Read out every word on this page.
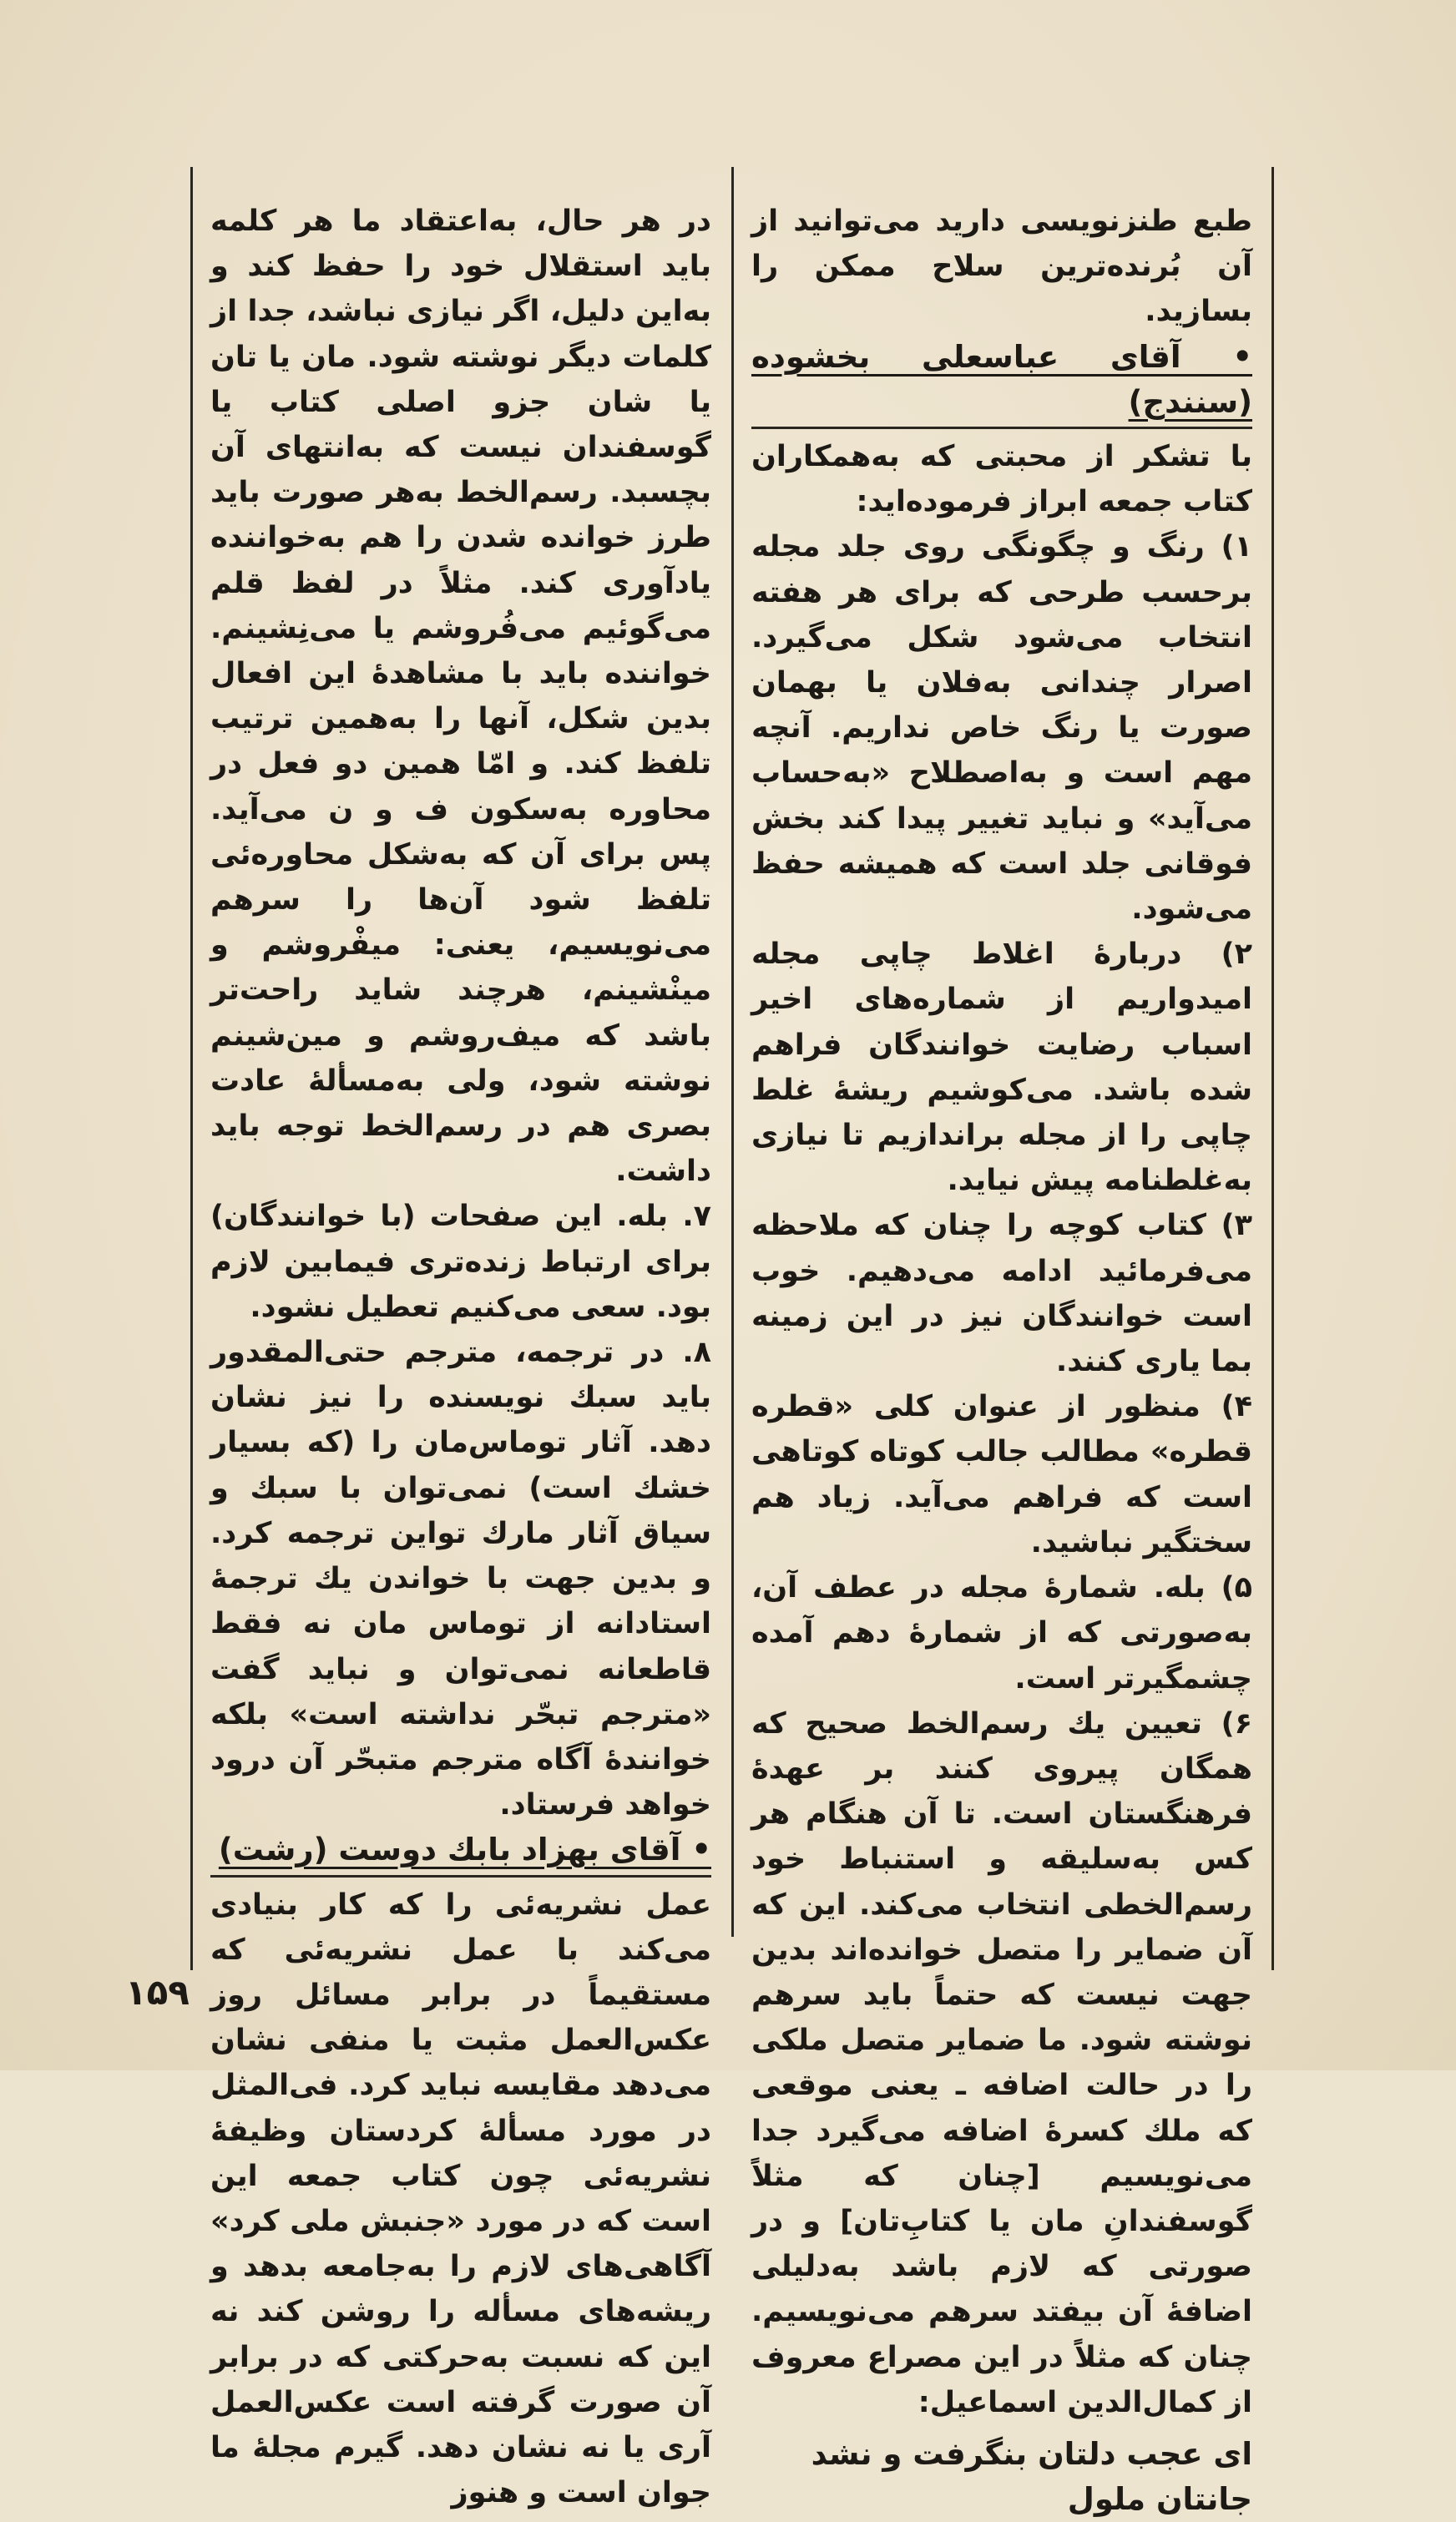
طبع طنزنویسی دارید می‌توانید از آن بُرنده‌ترین سلاح ممکن را بسازید.

• آقای عباسعلی بخشوده (سنندج)

با تشکر از محبتی که به‌همکاران کتاب جمعه ابراز فرموده‌اید:

۱) رنگ و چگونگی روی جلد مجله برحسب طرحی که برای هر هفته انتخاب می‌شود شکل می‌گیرد. اصرار چندانی به‌فلان یا بهمان صورت یا رنگ خاص نداریم. آنچه مهم است و به‌اصطلاح «به‌حساب می‌آید» و نباید تغییر پیدا کند بخش فوقانی جلد است که همیشه حفظ می‌شود.

۲) دربارهٔ اغلاط چاپی مجله امیدواریم از شماره‌های اخیر اسباب رضایت خوانندگان فراهم شده باشد. می‌کوشیم ریشهٔ غلط چاپی را از مجله براندازیم تا نیازی به‌غلطنامه پیش نیاید.

۳) کتاب کوچه را چنان که ملاحظه می‌فرمائید ادامه می‌دهیم. خوب است خوانندگان نیز در این زمینه بما یاری کنند.

۴) منظور از عنوان کلی «قطره قطره» مطالب جالب کوتاه کوتاهی است که فراهم می‌آید. زیاد هم سختگیر نباشید.

۵) بله. شمارهٔ مجله در عطف آن، به‌صورتی که از شمارهٔ دهم آمده چشمگیرتر است.

۶) تعیین یك رسم‌الخط صحیح که همگان پیروی کنند بر عهدهٔ فرهنگستان است. تا آن هنگام هر کس به‌سلیقه و استنباط خود رسم‌الخطی انتخاب می‌کند. این که آن ضمایر را متصل خوانده‌اند بدین جهت نیست که حتماً باید سرهم نوشته شود. ما ضمایر متصل ملکی را در حالت اضافه ـ یعنی موقعی که ملك کسرهٔ اضافه می‌گیرد جدا می‌نویسیم [چنان که مثلاً گوسفندانِ مان یا کتابِ‌تان] و در صورتی که لازم باشد به‌دلیلی اضافهٔ آن بیفتد سرهم می‌نویسیم. چنان که مثلاً در این مصراع معروف از کمال‌الدین اسماعیل:

ای عجب دلتان بنگرفت و نشد

جانتان ملول

در هر حال، به‌اعتقاد ما هر کلمه باید استقلال خود را حفظ کند و به‌این دلیل، اگر نیازی نباشد، جدا از کلمات دیگر نوشته شود. مان یا تان یا شان جزو اصلی کتاب یا گوسفندان نیست که به‌انتهای آن بچسبد. رسم‌الخط به‌هر صورت باید طرز خوانده شدن را هم به‌خواننده یادآوری کند. مثلاً در لفظ قلم می‌گوئیم می‌فُروشم یا می‌نِشینم. خواننده باید با مشاهدهٔ این افعال بدین شکل، آنها را به‌همین ترتیب تلفظ کند. و امّا همین دو فعل در محاوره به‌سکون ف و ن می‌آید. پس برای آن که به‌شکل محاوره‌ئی تلفظ شود آن‌ها را سرهم می‌نویسیم، یعنی: میفْروشم و مینْشینم، هرچند شاید راحت‌تر باشد که میف‌روشم و مین‌شینم نوشته شود، ولی به‌مسألهٔ عادت بصری هم در رسم‌الخط توجه باید داشت.

۷. بله. این صفحات (با خوانندگان) برای ارتباط زنده‌تری فیمابین لازم بود. سعی می‌کنیم تعطیل نشود.

۸. در ترجمه، مترجم حتی‌المقدور باید سبك نویسنده را نیز نشان دهد. آثار توماس‌مان را (که بسیار خشك است) نمی‌توان با سبك و سیاق آثار مارك تواین ترجمه کرد. و بدین جهت با خواندن یك ترجمهٔ استادانه از توماس مان نه فقط قاطعانه نمی‌توان و نباید گفت «مترجم تبحّر نداشته است» بلکه خوانندهٔ آگاه مترجم متبحّر آن درود خواهد فرستاد.

• آقای بهزاد بابك دوست (رشت)

عمل نشریه‌ئی را که کار بنیادی می‌کند با عمل نشریه‌ئی که مستقیماً در برابر مسائل روز عکس‌العمل مثبت یا منفی نشان می‌دهد مقایسه نباید کرد. فی‌المثل در مورد مسألهٔ کردستان وظیفهٔ نشریه‌ئی چون کتاب جمعه این است که در مورد «جنبش ملی کرد» آگاهی‌های لازم را به‌جامعه بدهد و ریشه‌های مسأله را روشن کند نه این که نسبت به‌حرکتی که در برابر آن صورت گرفته است عکس‌العمل آری یا نه نشان دهد. گیرم مجلهٔ ما جوان است و هنوز

۱۵۹
